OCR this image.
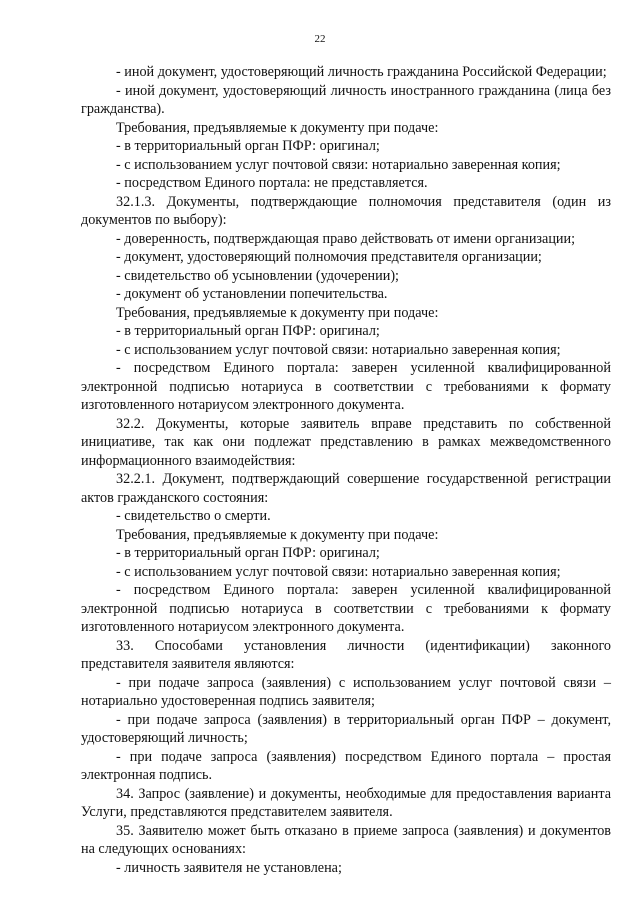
22
- иной документ, удостоверяющий личность гражданина Российской Федерации;
- иной документ, удостоверяющий личность иностранного гражданина (лица без гражданства).
Требования, предъявляемые к документу при подаче:
- в территориальный орган ПФР: оригинал;
- с использованием услуг почтовой связи: нотариально заверенная копия;
- посредством Единого портала: не представляется.
32.1.3. Документы, подтверждающие полномочия представителя (один из документов по выбору):
- доверенность, подтверждающая право действовать от имени организации;
- документ, удостоверяющий полномочия представителя организации;
- свидетельство об усыновлении (удочерении);
- документ об установлении попечительства.
Требования, предъявляемые к документу при подаче:
- в территориальный орган ПФР: оригинал;
- с использованием услуг почтовой связи: нотариально заверенная копия;
- посредством Единого портала: заверен усиленной квалифицированной электронной подписью нотариуса в соответствии с требованиями к формату изготовленного нотариусом электронного документа.
32.2. Документы, которые заявитель вправе представить по собственной инициативе, так как они подлежат представлению в рамках межведомственного информационного взаимодействия:
32.2.1. Документ, подтверждающий совершение государственной регистрации актов гражданского состояния:
- свидетельство о смерти.
Требования, предъявляемые к документу при подаче:
- в территориальный орган ПФР: оригинал;
- с использованием услуг почтовой связи: нотариально заверенная копия;
- посредством Единого портала: заверен усиленной квалифицированной электронной подписью нотариуса в соответствии с требованиями к формату изготовленного нотариусом электронного документа.
33. Способами установления личности (идентификации) законного представителя заявителя являются:
- при подаче запроса (заявления) с использованием услуг почтовой связи – нотариально удостоверенная подпись заявителя;
- при подаче запроса (заявления) в территориальный орган ПФР – документ, удостоверяющий личность;
- при подаче запроса (заявления) посредством Единого портала – простая электронная подпись.
34. Запрос (заявление) и документы, необходимые для предоставления варианта Услуги, представляются представителем заявителя.
35. Заявителю может быть отказано в приеме запроса (заявления) и документов на следующих основаниях:
- личность заявителя не установлена;
